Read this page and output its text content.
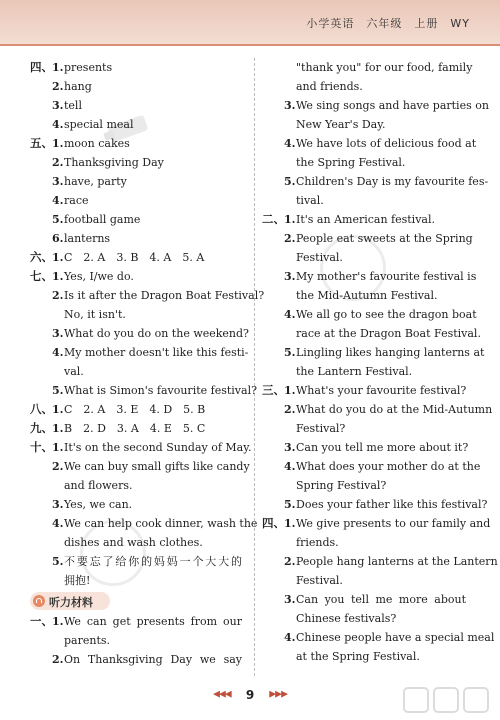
小学英语　六年级　上册　WY
四、 1. presents
2. hang
3. tell
4. special meal
五、 1. moon cakes
2. Thanksgiving Day
3. have, party
4. race
5. football game
6. lanterns
六、 1. C　2. A　3. B　4. A　5. A
七、 1. Yes, I/we do.
2. Is it after the Dragon Boat Festival?
No, it isn't.
3. What do you do on the weekend?
4. My mother doesn't like this festi-
val.
5. What is Simon's favourite festival?
八、 1. C　2. A　3. E　4. D　5. B
九、 1. B　2. D　3. A　4. E　5. C
十、 1. It's on the second Sunday of May.
2. We can buy small gifts like candy
and flowers.
3. Yes, we can.
4. We can help cook dinner, wash the
dishes and wash clothes.
5. 不要忘了给你的妈妈一个大大的
拥抱!
听力材料
一、 1. We can get presents from our
parents.
2. On Thanksgiving Day we say
"thank you" for our food, family
and friends.
3. We sing songs and have parties on
New Year's Day.
4. We have lots of delicious food at
the Spring Festival.
5. Children's Day is my favourite fes-
tival.
二、 1. It's an American festival.
2. People eat sweets at the Spring
Festival.
3. My mother's favourite festival is
the Mid-Autumn Festival.
4. We all go to see the dragon boat
race at the Dragon Boat Festival.
5. Lingling likes hanging lanterns at
the Lantern Festival.
三、 1. What's your favourite festival?
2. What do you do at the Mid-Autumn
Festival?
3. Can you tell me more about it?
4. What does your mother do at the
Spring Festival?
5. Does your father like this festival?
四、 1. We give presents to our family and
friends.
2. People hang lanterns at the Lantern
Festival.
3. Can you tell me more about
Chinese festivals?
4. Chinese people have a special meal
at the Spring Festival.
◀◀◀ 9 ▶▶▶
